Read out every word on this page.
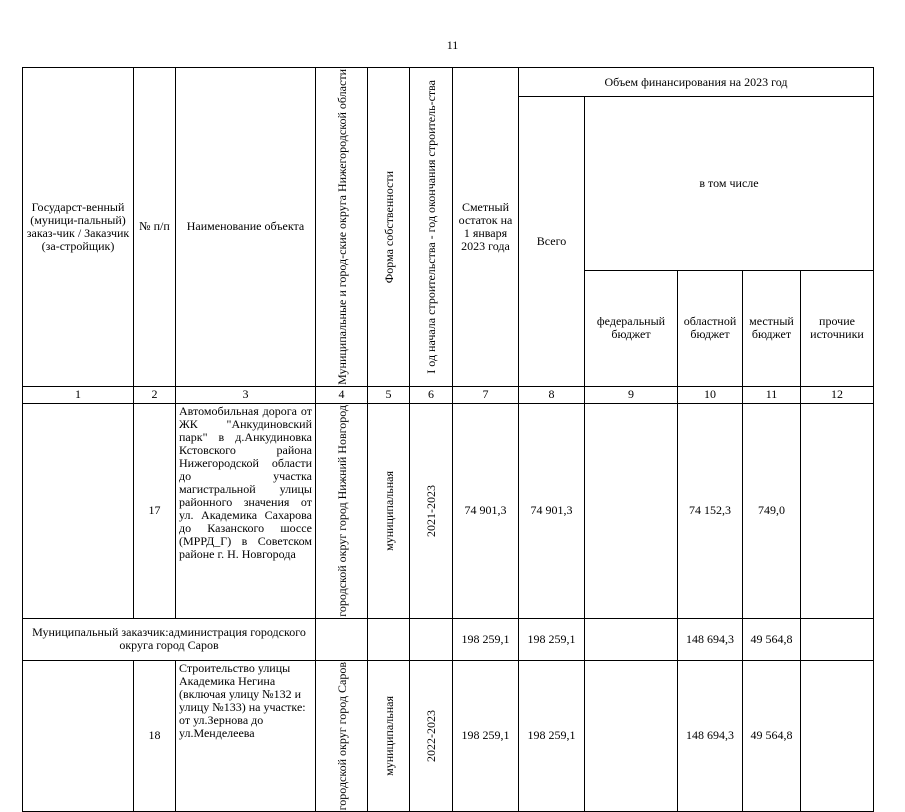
11
Государст-венный (муници-пальный) заказ-чик / Заказчик (за-стройщик)	№ п/п	Наименование объекта	Муниципальные и город-ские округа Нижегородской области	Форма собственности	I од начала строительства - год окончания строитель-ства	Сметный остаток на 1 января 2023 года	Объем финансирования на 2023 год				
							Всего	в том числе			
								федеральный бюджет	областной бюджет	местный бюджет	прочие источники
1	2	3	4	5	6	7	8	9	10	11	12
	17	Автомобильная дорога от ЖК "Анкудиновский парк" в д.Анкудиновка Кстовского района Нижегородской области до участка магистральной улицы районного значения от ул. Академика Сахарова до Казанского шоссе (МРРД_Г) в Советском районе г. Н. Новгорода	городской округ город Нижний Новгород	муниципальная	2021-2023	74 901,3	74 901,3		74 152,3	749,0	
Муниципальный заказчик:администрация городского округа город Саров						198 259,1	198 259,1		148 694,3	49 564,8	
	18	Строительство улицы Академика Негина (включая улицу №132 и улицу №133) на участке: от ул.Зернова до ул.Менделеева	городской округ город Саров	муниципальная	2022-2023	198 259,1	198 259,1		148 694,3	49 564,8	
